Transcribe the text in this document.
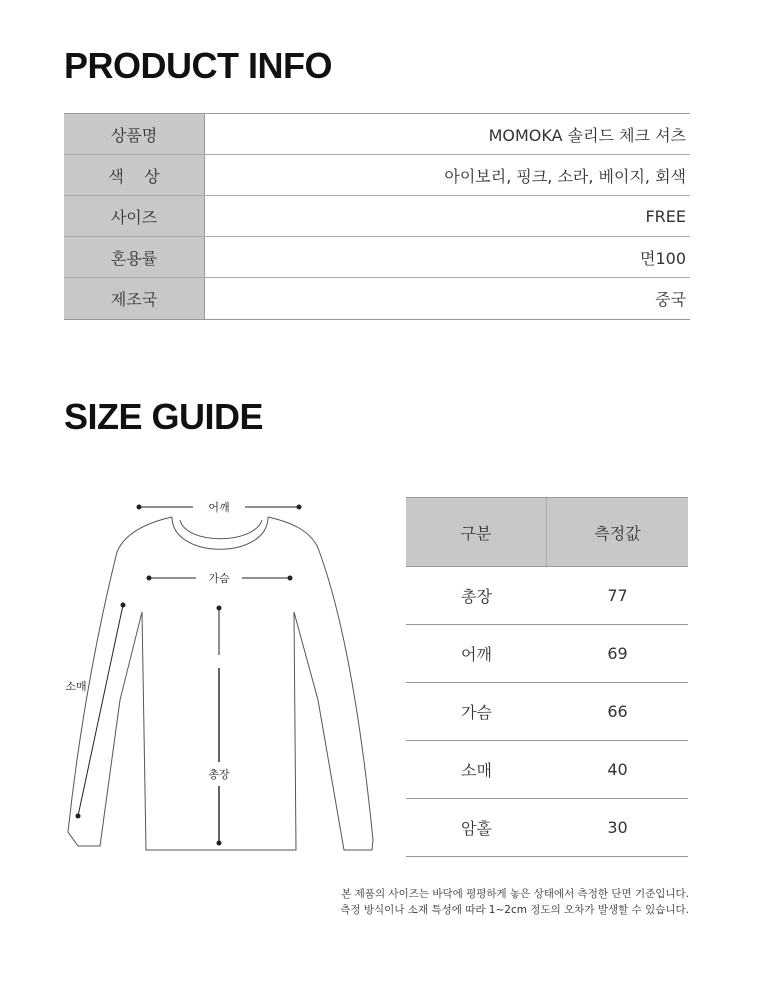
PRODUCT INFO
상품명	MOMOKA 솔리드 체크 셔츠
색    상	아이보리, 핑크, 소라, 베이지, 회색
사이즈	FREE
혼용률	면100
제조국	중국
SIZE GUIDE
어깨
가슴
소매
총장
구분	측정값
총장	77
어깨	69
가슴	66
소매	40
암홀	30
본 제품의 사이즈는 바닥에 평평하게 놓은 상태에서 측정한 단면 기준입니다.
측정 방식이나 소재 특성에 따라 1~2cm 정도의 오차가 발생할 수 있습니다.
